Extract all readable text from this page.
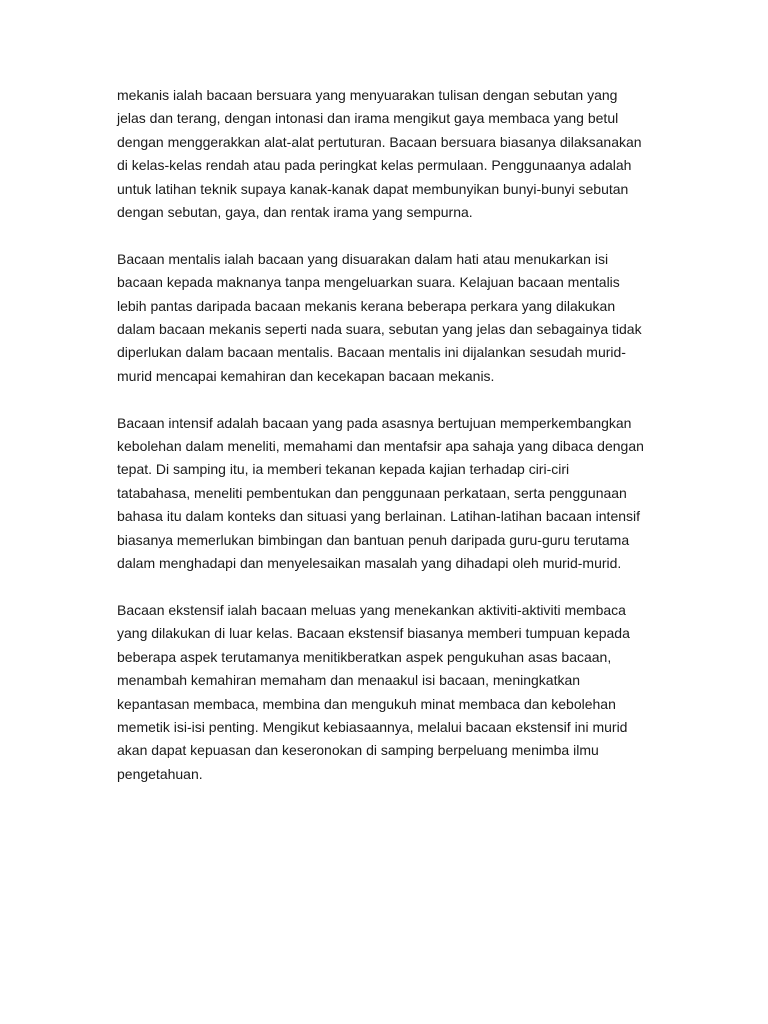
mekanis ialah bacaan bersuara yang menyuarakan tulisan dengan sebutan yang
jelas dan terang, dengan intonasi dan irama mengikut gaya membaca yang betul
dengan menggerakkan alat-alat pertuturan. Bacaan bersuara biasanya dilaksanakan
di kelas-kelas rendah atau pada peringkat kelas permulaan. Penggunaanya adalah
untuk latihan teknik supaya kanak-kanak dapat membunyikan bunyi-bunyi sebutan
dengan sebutan, gaya, dan rentak irama yang sempurna.

Bacaan mentalis ialah bacaan yang disuarakan dalam hati atau menukarkan isi
bacaan kepada maknanya tanpa mengeluarkan suara. Kelajuan bacaan mentalis
lebih pantas daripada bacaan mekanis kerana beberapa perkara yang dilakukan
dalam bacaan mekanis seperti nada suara, sebutan yang jelas dan sebagainya tidak
diperlukan dalam bacaan mentalis. Bacaan mentalis ini dijalankan sesudah murid-
murid mencapai kemahiran dan kecekapan bacaan mekanis.

Bacaan intensif adalah bacaan yang pada asasnya bertujuan memperkembangkan
kebolehan dalam meneliti, memahami dan mentafsir apa sahaja yang dibaca dengan
tepat. Di samping itu, ia memberi tekanan kepada kajian terhadap ciri-ciri
tatabahasa, meneliti pembentukan dan penggunaan perkataan, serta penggunaan
bahasa itu dalam konteks dan situasi yang berlainan. Latihan-latihan bacaan intensif
biasanya memerlukan bimbingan dan bantuan penuh daripada guru-guru terutama
dalam menghadapi dan menyelesaikan masalah yang dihadapi oleh murid-murid.

Bacaan ekstensif ialah bacaan meluas yang menekankan aktiviti-aktiviti membaca
yang dilakukan di luar kelas. Bacaan ekstensif biasanya memberi tumpuan kepada
beberapa aspek terutamanya menitikberatkan aspek pengukuhan asas bacaan,
menambah kemahiran memaham dan menaakul isi bacaan, meningkatkan
kepantasan membaca, membina dan mengukuh minat membaca dan kebolehan
memetik isi-isi penting. Mengikut kebiasaannya, melalui bacaan ekstensif ini murid
akan dapat kepuasan dan keseronokan di samping berpeluang menimba ilmu
pengetahuan.
